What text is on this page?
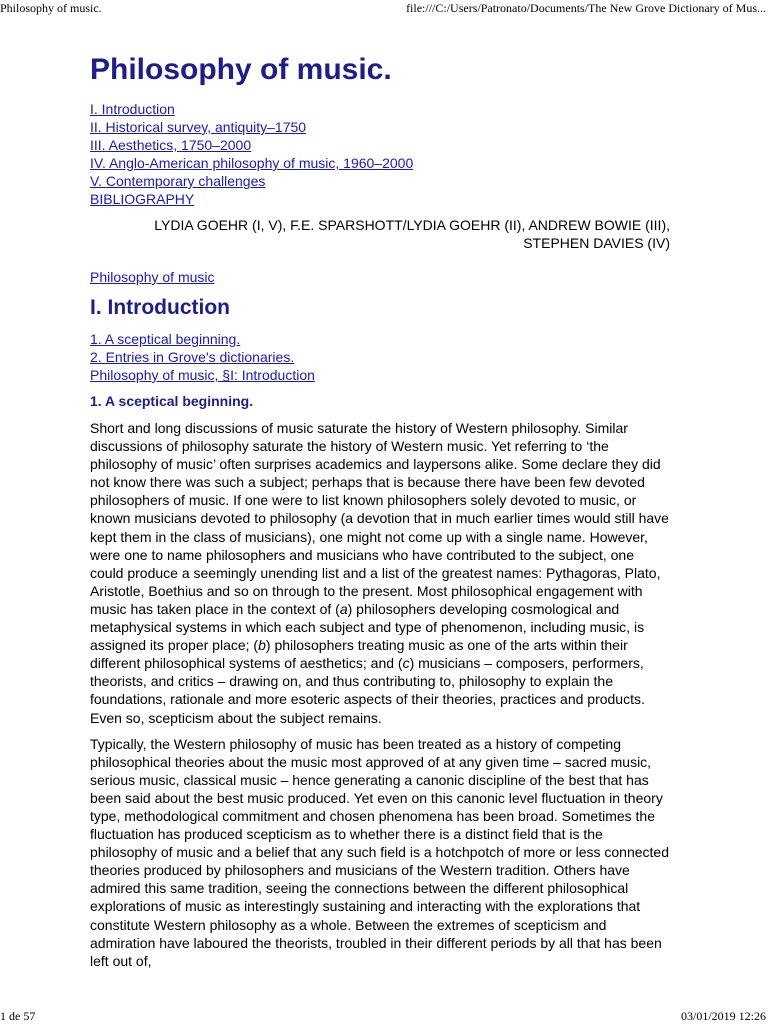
Philosophy of music.	file:///C:/Users/Patronato/Documents/The New Grove Dictionary of Mus...
Philosophy of music.
I. Introduction
II. Historical survey, antiquity–1750
III. Aesthetics, 1750–2000
IV. Anglo-American philosophy of music, 1960–2000
V. Contemporary challenges
BIBLIOGRAPHY
LYDIA GOEHR (I, V), F.E. SPARSHOTT/LYDIA GOEHR (II), ANDREW BOWIE (III),
STEPHEN DAVIES (IV)
Philosophy of music
I. Introduction
1. A sceptical beginning.
2. Entries in Grove's dictionaries.
Philosophy of music, §I: Introduction
1. A sceptical beginning.

Short and long discussions of music saturate the history of Western philosophy. Similar discussions of philosophy saturate the history of Western music. Yet referring to ‘the philosophy of music’ often surprises academics and laypersons alike. Some declare they did not know there was such a subject; perhaps that is because there have been few devoted philosophers of music. If one were to list known philosophers solely devoted to music, or known musicians devoted to philosophy (a devotion that in much earlier times would still have kept them in the class of musicians), one might not come up with a single name. However, were one to name philosophers and musicians who have contributed to the subject, one could produce a seemingly unending list and a list of the greatest names: Pythagoras, Plato, Aristotle, Boethius and so on through to the present. Most philosophical engagement with music has taken place in the context of (a) philosophers developing cosmological and metaphysical systems in which each subject and type of phenomenon, including music, is assigned its proper place; (b) philosophers treating music as one of the arts within their different philosophical systems of aesthetics; and (c) musicians – composers, performers, theorists, and critics – drawing on, and thus contributing to, philosophy to explain the foundations, rationale and more esoteric aspects of their theories, practices and products. Even so, scepticism about the subject remains.

Typically, the Western philosophy of music has been treated as a history of competing philosophical theories about the music most approved of at any given time – sacred music, serious music, classical music – hence generating a canonic discipline of the best that has been said about the best music produced. Yet even on this canonic level fluctuation in theory type, methodological commitment and chosen phenomena has been broad. Sometimes the fluctuation has produced scepticism as to whether there is a distinct field that is the philosophy of music and a belief that any such field is a hotchpotch of more or less connected theories produced by philosophers and musicians of the Western tradition. Others have admired this same tradition, seeing the connections between the different philosophical explorations of music as interestingly sustaining and interacting with the explorations that constitute Western philosophy as a whole. Between the extremes of scepticism and admiration have laboured the theorists, troubled in their different periods by all that has been left out of,

1 de 57	03/01/2019 12:26
